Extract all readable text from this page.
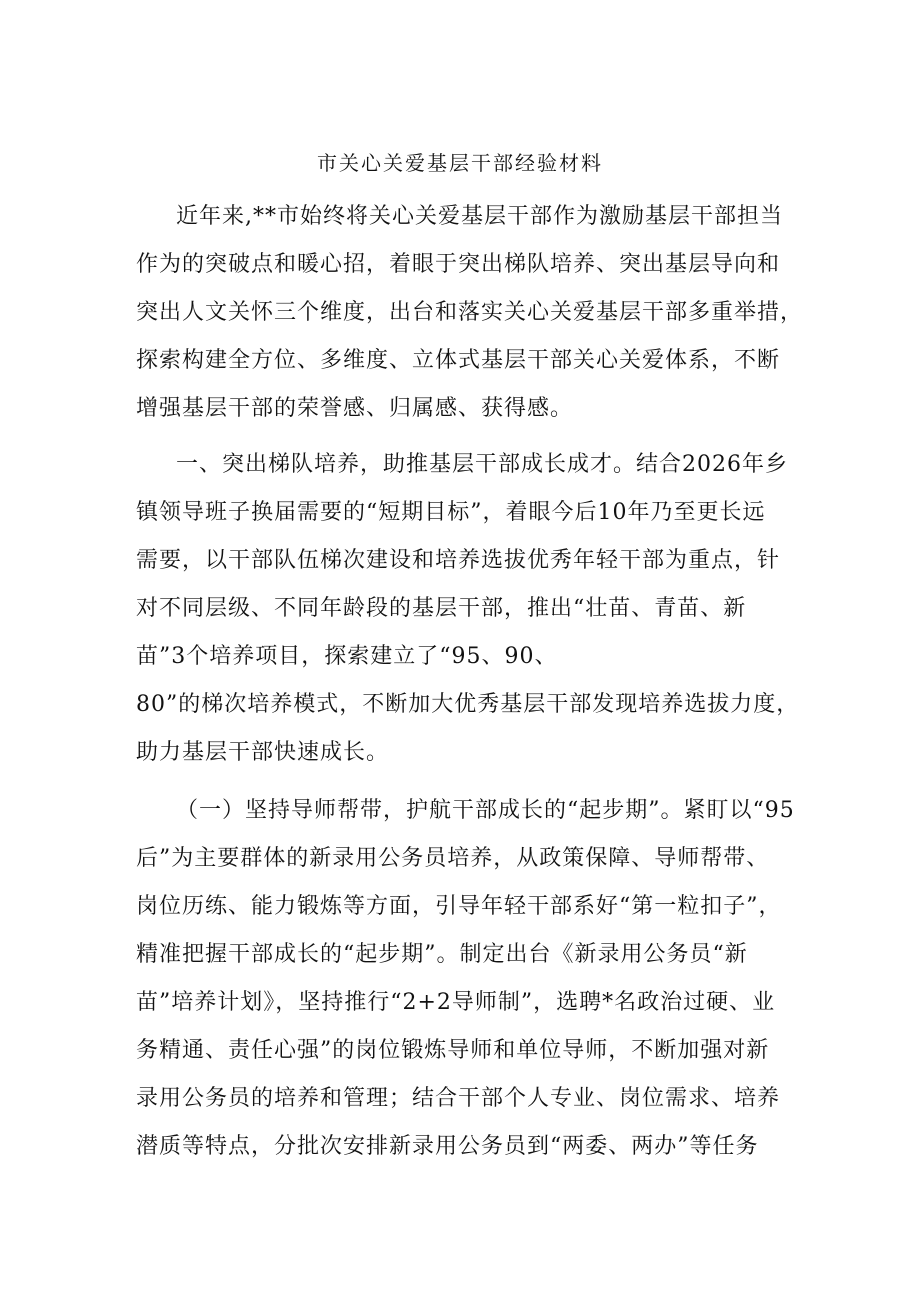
市关心关爱基层干部经验材料
近年来,**市始终将关心关爱基层干部作为激励基层干部担当
作为的突破点和暖心招，着眼于突出梯队培养、突出基层导向和
突出人文关怀三个维度，出台和落实关心关爱基层干部多重举措，
探索构建全方位、多维度、立体式基层干部关心关爱体系，不断
增强基层干部的荣誉感、归属感、获得感。
一、突出梯队培养，助推基层干部成长成才。结合2026年乡
镇领导班子换届需要的“短期目标”，着眼今后10年乃至更长远
需要，以干部队伍梯次建设和培养选拔优秀年轻干部为重点，针
对不同层级、不同年龄段的基层干部，推出“壮苗、青苗、新
苗”3个培养项目，探索建立了“95、90、
80”的梯次培养模式，不断加大优秀基层干部发现培养选拔力度，
助力基层干部快速成长。
（一）坚持导师帮带，护航干部成长的“起步期”。紧盯以“95
后”为主要群体的新录用公务员培养，从政策保障、导师帮带、
岗位历练、能力锻炼等方面，引导年轻干部系好“第一粒扣子”，
精准把握干部成长的“起步期”。制定出台《新录用公务员“新
苗”培养计划》，坚持推行“2+2导师制”，选聘*名政治过硬、业
务精通、责任心强”的岗位锻炼导师和单位导师，不断加强对新
录用公务员的培养和管理；结合干部个人专业、岗位需求、培养
潜质等特点，分批次安排新录用公务员到“两委、两办”等任务
